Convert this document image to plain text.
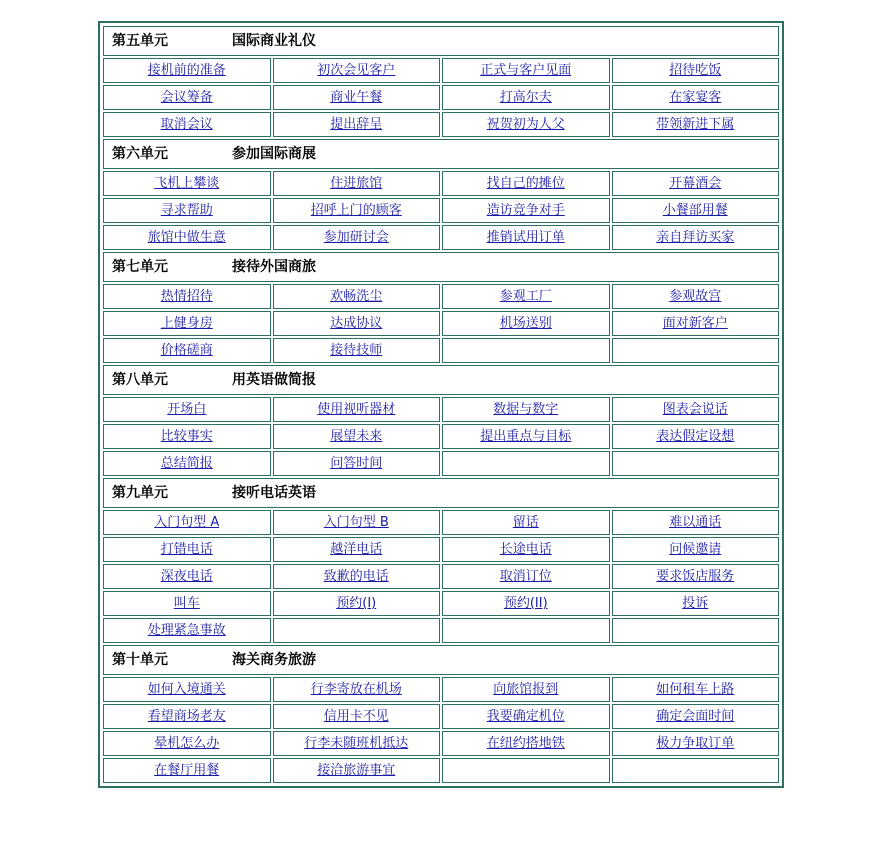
第五单元 国际商业礼仪			
接机前的准备	初次会见客户	正式与客户见面	招待吃饭
会议筹备	商业午餐	打高尔夫	在家宴客
取消会议	提出辞呈	祝贺初为人父	带领新进下属
第六单元 参加国际商展			
飞机上攀谈	住进旅馆	找自己的摊位	开幕酒会
寻求帮助	招呼上门的顾客	造访竞争对手	小餐部用餐
旅馆中做生意	参加研讨会	推销试用订单	亲自拜访买家
第七单元 接待外国商旅			
热情招待	欢畅洗尘	参观工厂	参观故宫
上健身房	达成协议	机场送别	面对新客户
价格磋商	接待技师		
第八单元 用英语做简报			
开场白	使用视听器材	数据与数字	图表会说话
比较事实	展望未来	提出重点与目标	表达假定设想
总结简报	问答时间		
第九单元 接听电话英语			
入门句型 A	入门句型 B	留话	难以通话
打错电话	越洋电话	长途电话	问候邀请
深夜电话	致歉的电话	取消订位	要求饭店服务
叫车	预约(I)	预约(II)	投诉
处理紧急事故			
第十单元 海关商务旅游			
如何入境通关	行李寄放在机场	向旅馆报到	如何租车上路
看望商场老友	信用卡不见	我要确定机位	确定会面时间
晕机怎么办	行李未随班机抵达	在纽约搭地铁	极力争取订单
在餐厅用餐	接洽旅游事宜		
